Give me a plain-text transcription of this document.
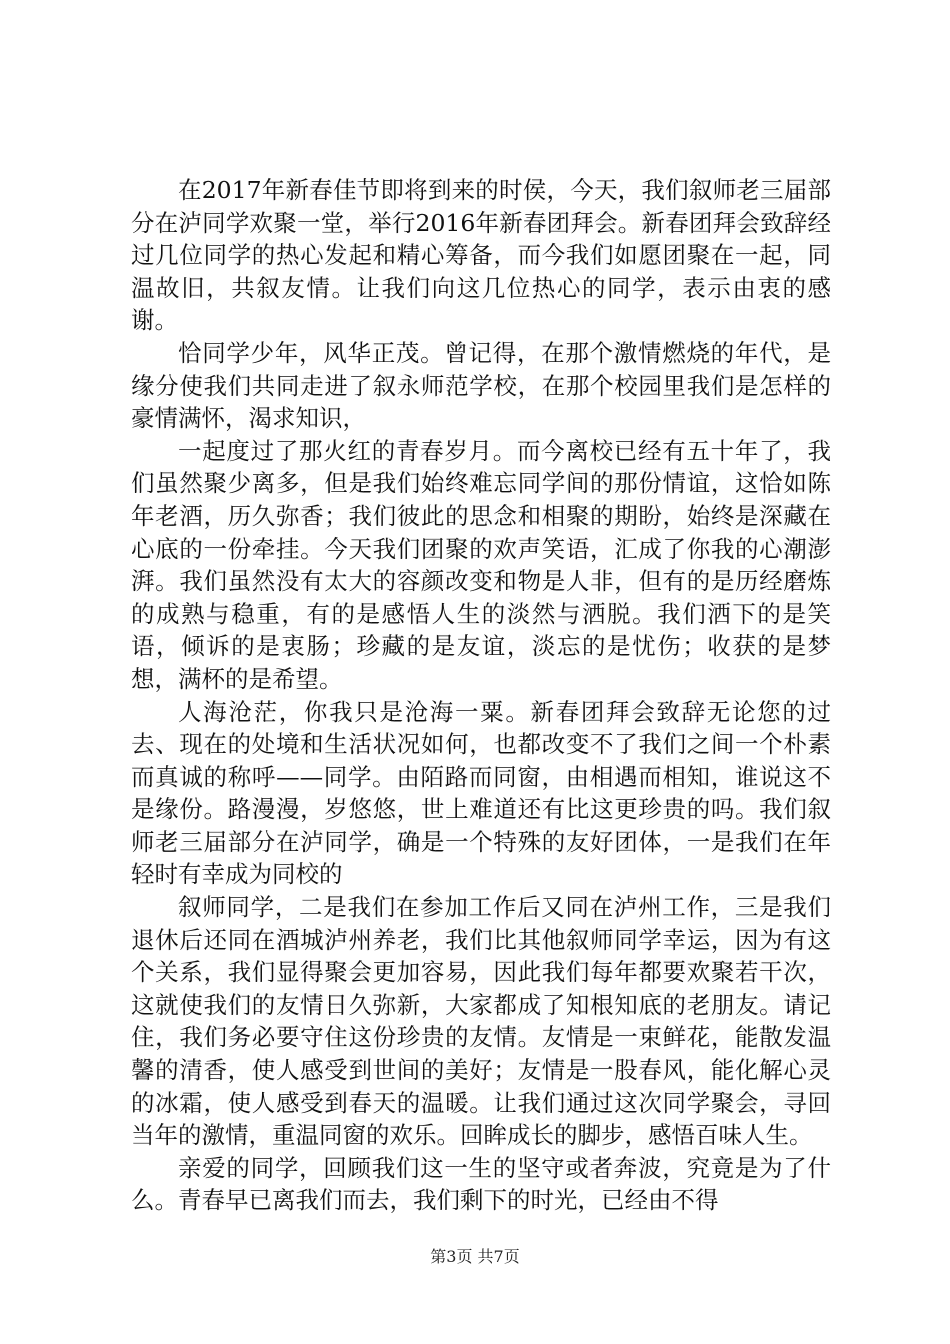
在2017年新春佳节即将到来的时侯，今天，我们叙师老三届部分在泸同学欢聚一堂，举行2016年新春团拜会。新春团拜会致辞经过几位同学的热心发起和精心筹备，而今我们如愿团聚在一起，同温故旧，共叙友情。让我们向这几位热心的同学，表示由衷的感谢。

恰同学少年，风华正茂。曾记得，在那个激情燃烧的年代，是缘分使我们共同走进了叙永师范学校，在那个校园里我们是怎样的豪情满怀，渴求知识，

一起度过了那火红的青春岁月。而今离校已经有五十年了，我们虽然聚少离多，但是我们始终难忘同学间的那份情谊，这恰如陈年老酒，历久弥香；我们彼此的思念和相聚的期盼，始终是深藏在心底的一份牵挂。今天我们团聚的欢声笑语，汇成了你我的心潮澎湃。我们虽然没有太大的容颜改变和物是人非，但有的是历经磨炼的成熟与稳重，有的是感悟人生的淡然与洒脱。我们洒下的是笑语，倾诉的是衷肠；珍藏的是友谊，淡忘的是忧伤；收获的是梦想，满杯的是希望。

人海沧茫，你我只是沧海一粟。新春团拜会致辞无论您的过去、现在的处境和生活状况如何，也都改变不了我们之间一个朴素而真诚的称呼——同学。由陌路而同窗，由相遇而相知，谁说这不是缘份。路漫漫，岁悠悠，世上难道还有比这更珍贵的吗。我们叙师老三届部分在泸同学，确是一个特殊的友好团体，一是我们在年轻时有幸成为同校的

叙师同学，二是我们在参加工作后又同在泸州工作，三是我们退休后还同在酒城泸州养老，我们比其他叙师同学幸运，因为有这个关系，我们显得聚会更加容易，因此我们每年都要欢聚若干次，这就使我们的友情日久弥新，大家都成了知根知底的老朋友。请记住，我们务必要守住这份珍贵的友情。友情是一束鲜花，能散发温馨的清香，使人感受到世间的美好；友情是一股春风，能化解心灵的冰霜，使人感受到春天的温暖。让我们通过这次同学聚会，寻回当年的激情，重温同窗的欢乐。回眸成长的脚步，感悟百味人生。

亲爱的同学，回顾我们这一生的坚守或者奔波，究竟是为了什么。青春早已离我们而去，我们剩下的时光，已经由不得

第3页 共7页
